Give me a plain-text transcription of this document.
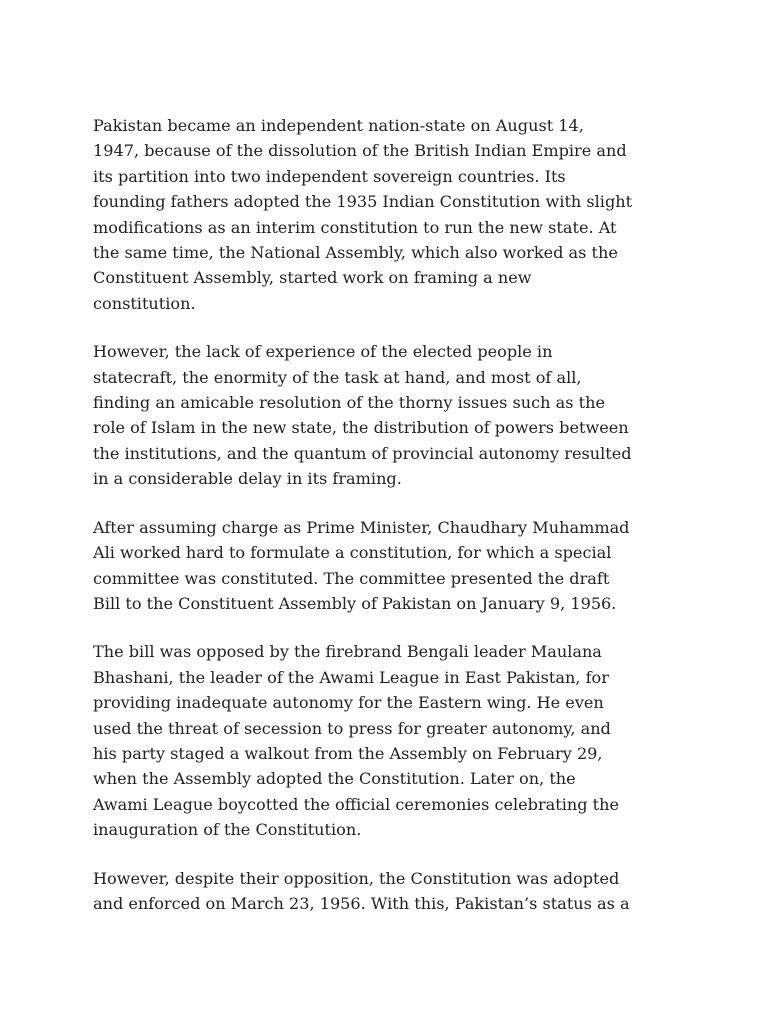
Pakistan became an independent nation-state on August 14,
1947, because of the dissolution of the British Indian Empire and
its partition into two independent sovereign countries. Its
founding fathers adopted the 1935 Indian Constitution with slight
modifications as an interim constitution to run the new state. At
the same time, the National Assembly, which also worked as the
Constituent Assembly, started work on framing a new
constitution.

However, the lack of experience of the elected people in
statecraft, the enormity of the task at hand, and most of all,
finding an amicable resolution of the thorny issues such as the
role of Islam in the new state, the distribution of powers between
the institutions, and the quantum of provincial autonomy resulted
in a considerable delay in its framing.

After assuming charge as Prime Minister, Chaudhary Muhammad
Ali worked hard to formulate a constitution, for which a special
committee was constituted. The committee presented the draft
Bill to the Constituent Assembly of Pakistan on January 9, 1956.

The bill was opposed by the firebrand Bengali leader Maulana
Bhashani, the leader of the Awami League in East Pakistan, for
providing inadequate autonomy for the Eastern wing. He even
used the threat of secession to press for greater autonomy, and
his party staged a walkout from the Assembly on February 29,
when the Assembly adopted the Constitution. Later on, the
Awami League boycotted the official ceremonies celebrating the
inauguration of the Constitution.

However, despite their opposition, the Constitution was adopted
and enforced on March 23, 1956. With this, Pakistan’s status as a
